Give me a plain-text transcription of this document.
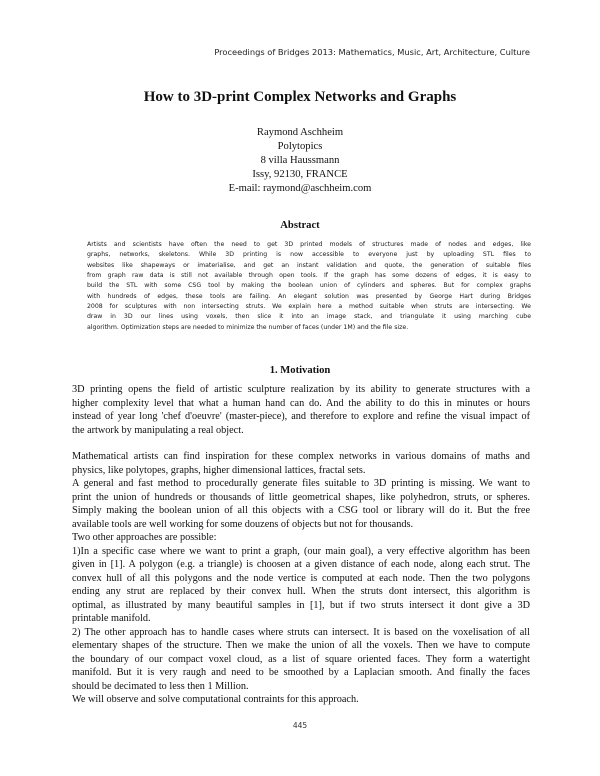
Proceedings of Bridges 2013: Mathematics, Music, Art, Architecture, Culture
How to 3D-print Complex Networks and Graphs
Raymond Aschheim
Polytopics
8 villa Haussmann
Issy, 92130, FRANCE
E-mail: raymond@aschheim.com
Abstract
Artists and scientists have often the need to get 3D printed models of structures made of nodes and edges, like
graphs, networks, skeletons. While 3D printing is now accessible to everyone just by uploading STL files to
websites like shapeways or imaterialise, and get an instant validation and quote, the generation of suitable files
from graph raw data is still not available through open tools. If the graph has some dozens of edges, it is easy to
build the STL with some CSG tool by making the boolean union of cylinders and spheres. But for complex graphs
with hundreds of edges, these tools are failing. An elegant solution was presented by George Hart during Bridges
2008 for sculptures with non intersecting struts. We explain here a method suitable when struts are intersecting. We
draw in 3D our lines using voxels, then slice it into an image stack, and triangulate it using marching cube
algorithm. Optimization steps are needed to minimize the number of faces (under 1M) and the file size.
1. Motivation
3D printing opens the field of artistic sculpture realization by its ability to generate structures with a
higher complexity level that what a human hand can do. And the ability to do this in minutes or hours
instead of year long 'chef d'oeuvre' (master-piece), and therefore to explore and refine the visual impact of
the artwork by manipulating a real object.
Mathematical artists can find inspiration for these complex networks in various domains of maths and
physics, like polytopes, graphs, higher dimensional lattices, fractal sets.
A general and fast method to procedurally generate files suitable to 3D printing is missing. We want to
print the union of hundreds or thousands of little geometrical shapes, like polyhedron, struts, or spheres.
Simply making the boolean union of all this objects with a CSG tool or library will do it. But the free
available tools are well working for some douzens of objects but not for thousands.
Two other approaches are possible:
1)In a specific case where we want to print a graph, (our main goal), a very effective algorithm has been
given in [1]. A polygon (e.g. a triangle) is choosen at a given distance of each node, along each strut. The
convex hull of all this polygons and the node vertice is computed at each node. Then the two polygons
ending any strut are replaced by their convex hull. When the struts dont intersect, this algorithm is
optimal, as illustrated by many beautiful samples in [1], but if two struts intersect it dont give a 3D
printable manifold.
2) The other approach has to handle cases where struts can intersect. It is based on the voxelisation of all
elementary shapes of the structure. Then we make the union of all the voxels. Then we have to compute
the boundary of our compact voxel cloud, as a list of square oriented faces. They form a watertight
manifold. But it is very raugh and need to be smoothed by a Laplacian smooth. And finally the faces
should be decimated to less then 1 Million.
We will observe and solve computational contraints for this approach.
445
